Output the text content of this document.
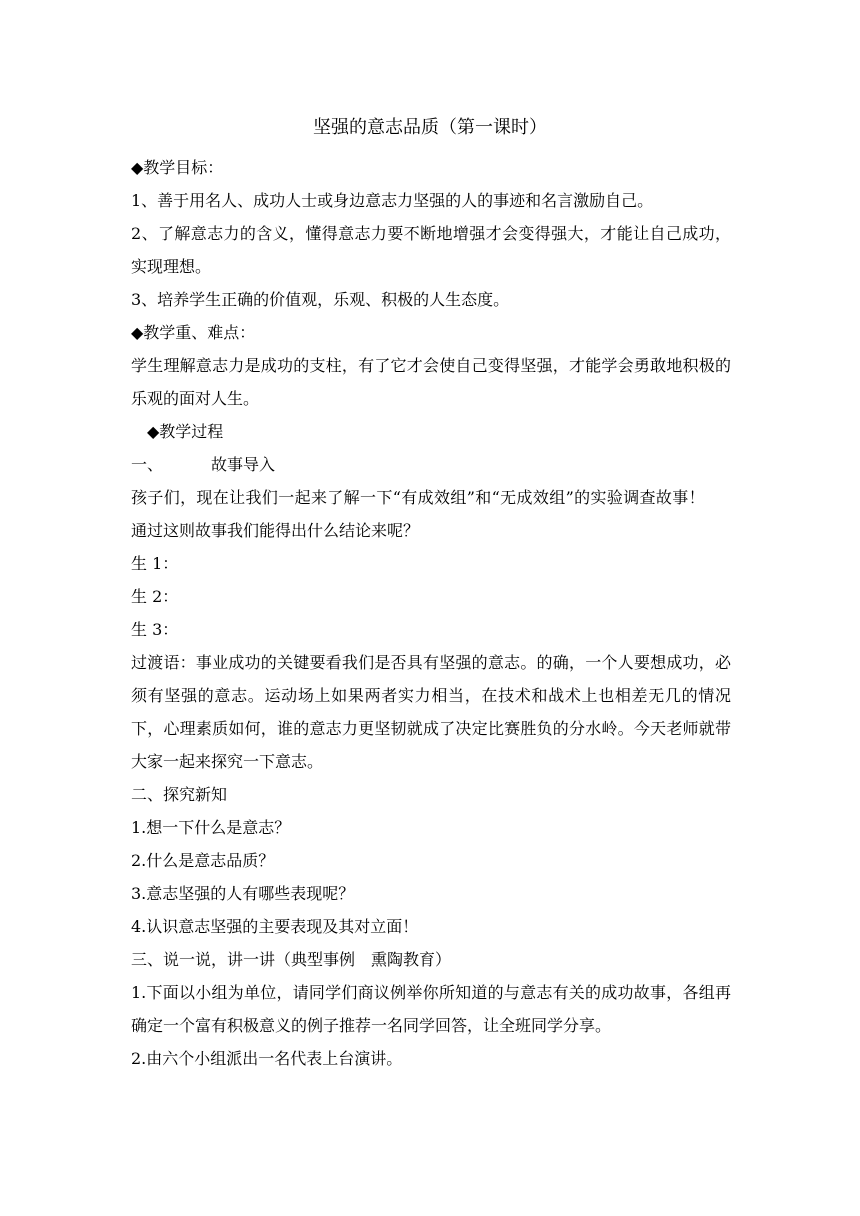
坚强的意志品质（第一课时）

◆教学目标：

1、善于用名人、成功人士或身边意志力坚强的人的事迹和名言激励自己。

2、了解意志力的含义，懂得意志力要不断地增强才会变得强大，才能让自己成功，实现理想。

3、培养学生正确的价值观，乐观、积极的人生态度。

◆教学重、难点：

学生理解意志力是成功的支柱，有了它才会使自己变得坚强，才能学会勇敢地积极的乐观的面对人生。

◆教学过程

一、	故事导入

孩子们，现在让我们一起来了解一下“有成效组”和“无成效组”的实验调查故事！通过这则故事我们能得出什么结论来呢？

生 1：

生 2：

生 3：

过渡语：事业成功的关键要看我们是否具有坚强的意志。的确，一个人要想成功，必须有坚强的意志。运动场上如果两者实力相当，在技术和战术上也相差无几的情况下，心理素质如何，谁的意志力更坚韧就成了决定比赛胜负的分水岭。今天老师就带大家一起来探究一下意志。

二、探究新知

1.想一下什么是意志？

2.什么是意志品质？

3.意志坚强的人有哪些表现呢？

4.认识意志坚强的主要表现及其对立面！

三、说一说，讲一讲（典型事例 熏陶教育）

1.下面以小组为单位，请同学们商议例举你所知道的与意志有关的成功故事，各组再确定一个富有积极意义的例子推荐一名同学回答，让全班同学分享。

2.由六个小组派出一名代表上台演讲。
